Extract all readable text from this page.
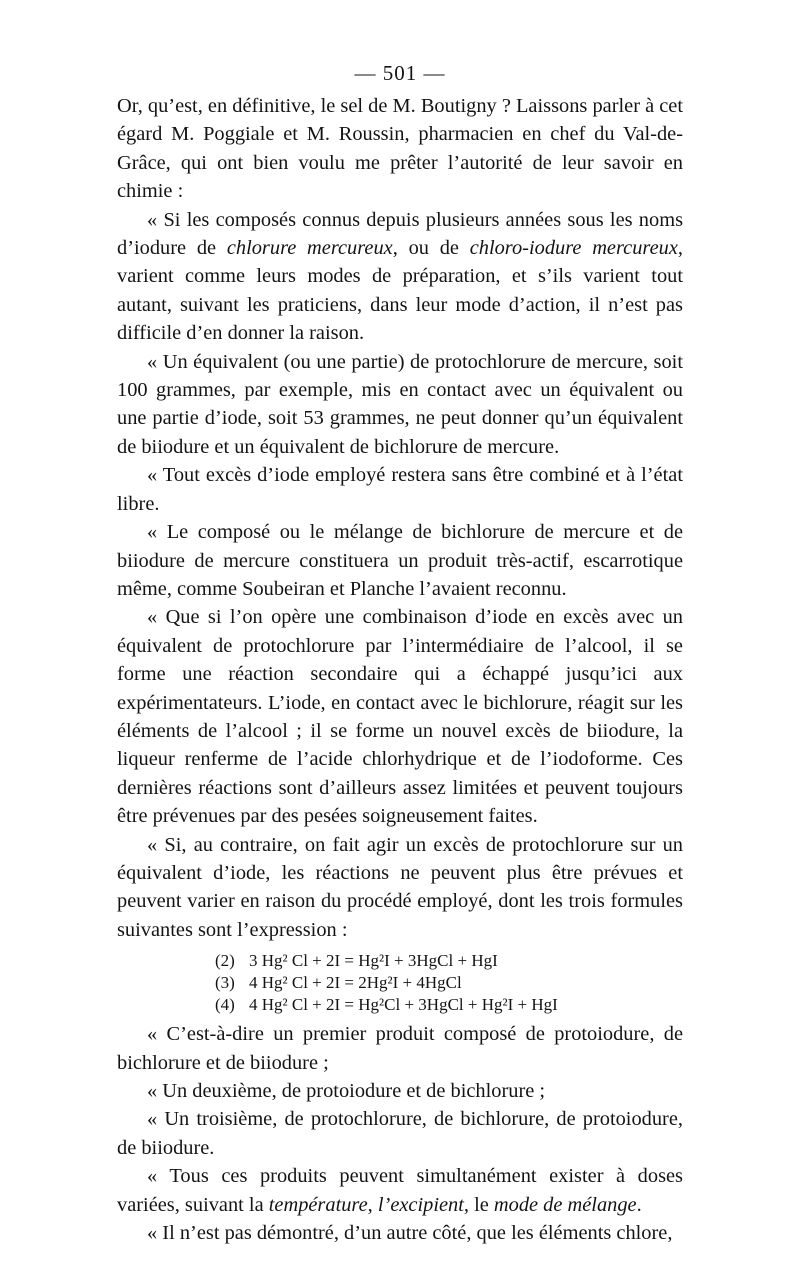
— 501 —

Or, qu’est, en définitive, le sel de M. Boutigny ? Laissons parler à cet égard M. Poggiale et M. Roussin, pharmacien en chef du Val-de-Grâce, qui ont bien voulu me prêter l’autorité de leur savoir en chimie :

« Si les composés connus depuis plusieurs années sous les noms d’iodure de chlorure mercureux, ou de chloro-iodure mercureux, varient comme leurs modes de préparation, et s’ils varient tout autant, suivant les praticiens, dans leur mode d’action, il n’est pas difficile d’en donner la raison.

« Un équivalent (ou une partie) de protochlorure de mercure, soit 100 grammes, par exemple, mis en contact avec un équivalent ou une partie d’iode, soit 53 grammes, ne peut donner qu’un équivalent de biiodure et un équivalent de bichlorure de mercure.

« Tout excès d’iode employé restera sans être combiné et à l’état libre.

« Le composé ou le mélange de bichlorure de mercure et de biiodure de mercure constituera un produit très-actif, escarrotique même, comme Soubeiran et Planche l’avaient reconnu.

« Que si l’on opère une combinaison d’iode en excès avec un équivalent de protochlorure par l’intermédiaire de l’alcool, il se forme une réaction secondaire qui a échappé jusqu’ici aux expérimentateurs. L’iode, en contact avec le bichlorure, réagit sur les éléments de l’alcool ; il se forme un nouvel excès de biiodure, la liqueur renferme de l’acide chlorhydrique et de l’iodoforme. Ces dernières réactions sont d’ailleurs assez limitées et peuvent toujours être prévenues par des pesées soigneusement faites.

« Si, au contraire, on fait agir un excès de protochlorure sur un équivalent d’iode, les réactions ne peuvent plus être prévues et peuvent varier en raison du procédé employé, dont les trois formules suivantes sont l’expression :

(2) 3 Hg² Cl + 2I = Hg²I + 3HgCl + HgI
(3) 4 Hg² Cl + 2I = 2Hg²I + 4HgCl
(4) 4 Hg² Cl + 2I = Hg²Cl + 3HgCl + Hg²I + HgI

« C’est-à-dire un premier produit composé de protoiodure, de bichlorure et de biiodure ;

« Un deuxième, de protoiodure et de bichlorure ;

« Un troisième, de protochlorure, de bichlorure, de protoiodure, de biiodure.

« Tous ces produits peuvent simultanément exister à doses variées, suivant la température, l’excipient, le mode de mélange.

« Il n’est pas démontré, d’un autre côté, que les éléments chlore,
